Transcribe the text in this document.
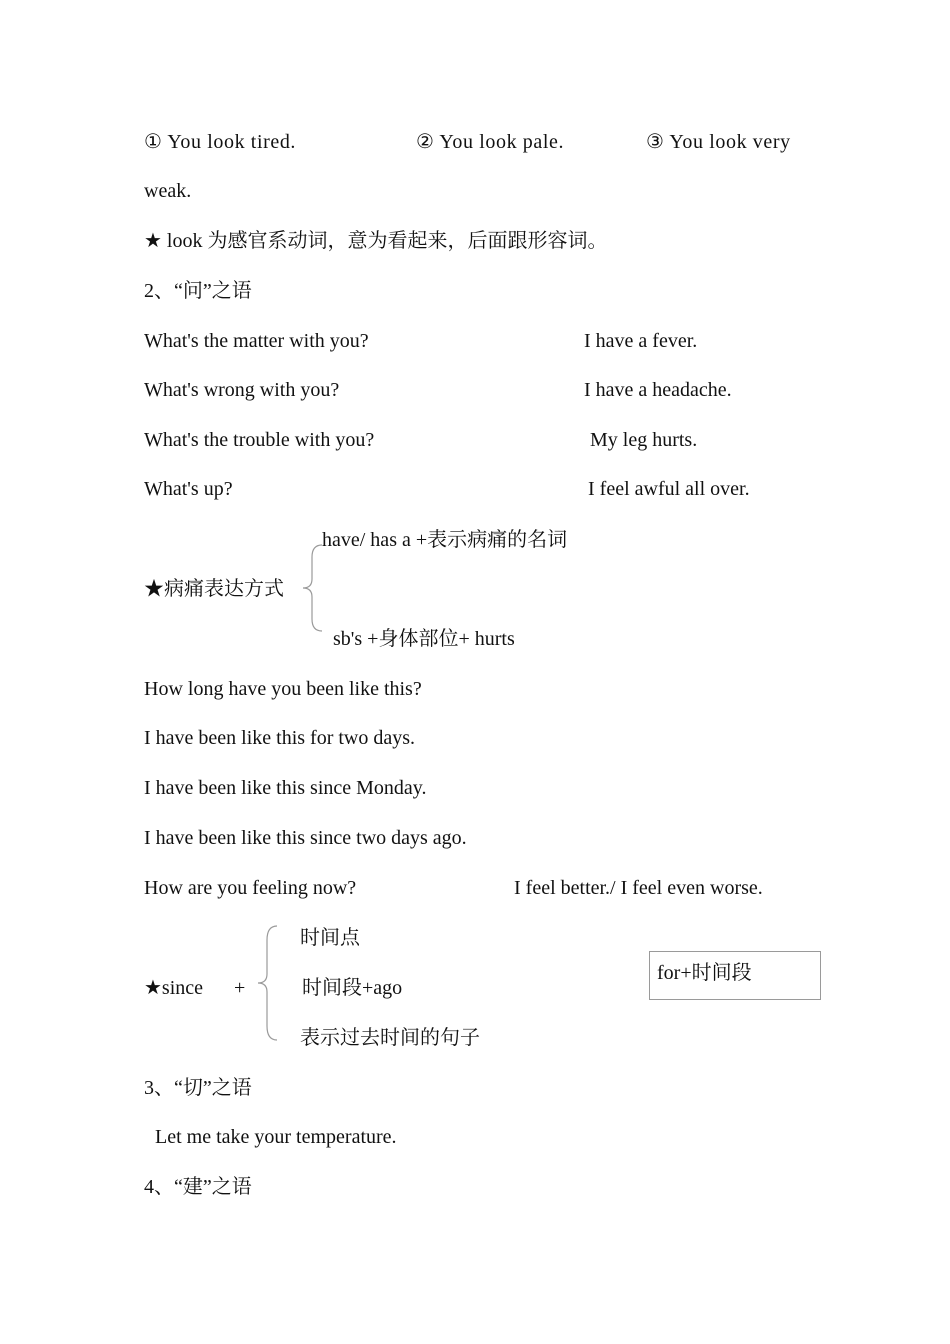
① You look tired.	② You look pale.	③ You look very
weak.
★ look 为感官系动词，意为看起来，后面跟形容词。
2、“问”之语
What's the matter with you?	I have a fever.
What's wrong with you?	I have a headache.
What's the trouble with you?	My leg hurts.
What's up?	I feel awful all over.
have/ has a +表示病痛的名词
★病痛表达方式
sb's +身体部位+ hurts
How long have you been like this?
I have been like this for two days.
I have been like this since Monday.
I have been like this since two days ago.
How are you feeling now?	I feel better./ I feel even worse.
时间点
★since +	时间段+ago
表示过去时间的句子
for+时间段
3、“切”之语
Let me take your temperature.
4、“建”之语
